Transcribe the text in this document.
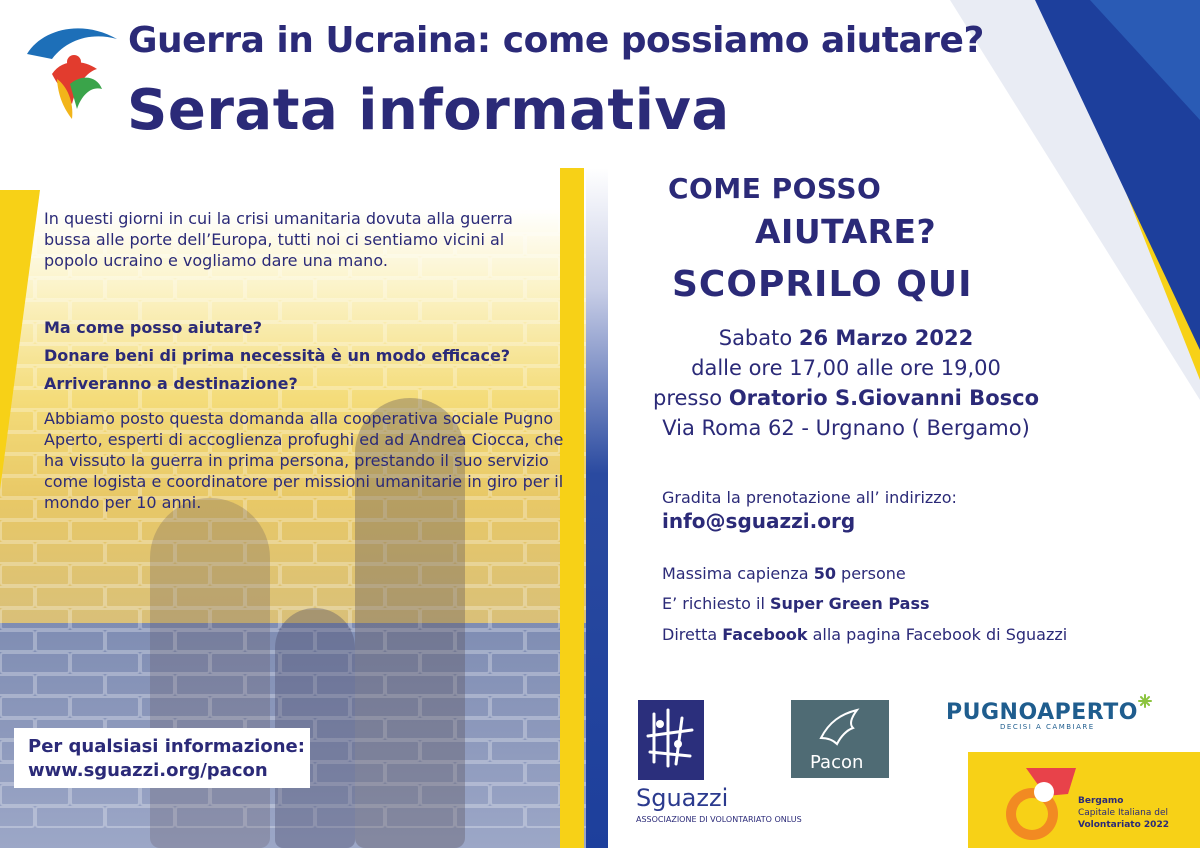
Guerra in Ucraina: come possiamo aiutare?
Serata informativa
In questi giorni in cui la crisi umanitaria dovuta alla guerra bussa alle porte dell’Europa, tutti noi ci sentiamo vicini al popolo ucraino e vogliamo dare una mano.
Ma come posso aiutare?
Donare beni di prima necessità è un modo efficace?
Arriveranno a destinazione?
Abbiamo posto questa domanda alla cooperativa sociale Pugno Aperto, esperti di accoglienza profughi ed ad Andrea Ciocca, che ha vissuto la guerra in prima persona, prestando il suo servizio come logista e coordinatore per missioni umanitarie in giro per il mondo per 10 anni.
Per qualsiasi informazione:
www.sguazzi.org/pacon
COME POSSO
AIUTARE?
SCOPRILO QUI
Sabato 26 Marzo 2022
dalle ore 17,00 alle ore 19,00
presso Oratorio S.Giovanni Bosco
Via Roma 62 - Urgnano ( Bergamo)
Gradita la prenotazione all’ indirizzo:
info@sguazzi.org
Massima capienza 50 persone
E’ richiesto il Super Green Pass
Diretta Facebook alla pagina Facebook di Sguazzi
Sguazzi
ASSOCIAZIONE DI VOLONTARIATO ONLUS
Pacon
PUGNOAPERTO
DECISI A CAMBIARE
Bergamo
Capitale Italiana del
Volontariato 2022
